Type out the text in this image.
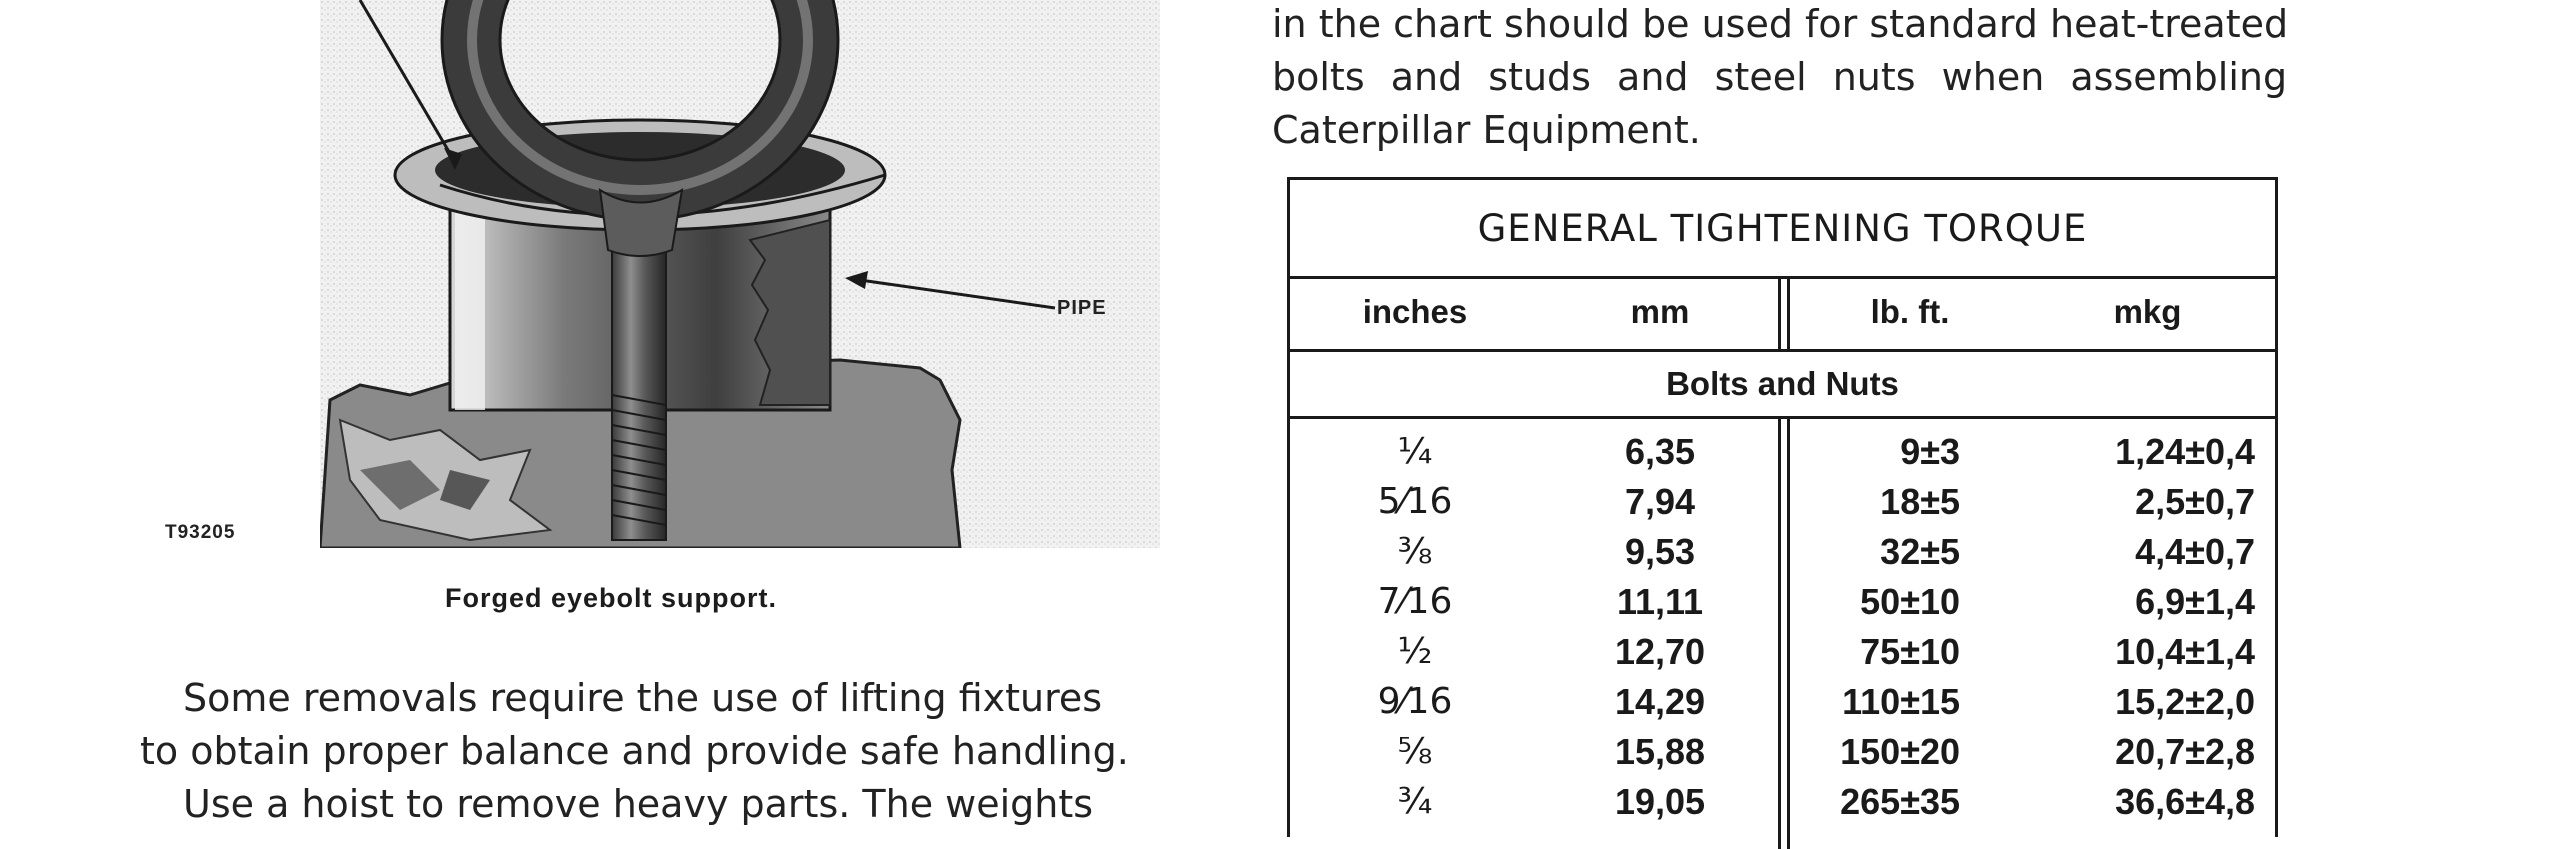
T93205
PIPE
Forged eyebolt support.
Some removals require the use of lifting fixtures
to obtain proper balance and provide safe handling.
Use a hoist to remove heavy parts. The weights
in the chart should be used for standard heat-treated
bolts and studs and steel nuts when assembling
Caterpillar Equipment.
GENERAL TIGHTENING TORQUE
inches	mm	lb. ft.	mkg
Bolts and Nuts
¼	6,35	9±3	1,24±0,4
5⁄16	7,94	18±5	2,5±0,7
⅜	9,53	32±5	4,4±0,7
7⁄16	11,11	50±10	6,9±1,4
½	12,70	75±10	10,4±1,4
9⁄16	14,29	110±15	15,2±2,0
⅝	15,88	150±20	20,7±2,8
¾	19,05	265±35	36,6±4,8
